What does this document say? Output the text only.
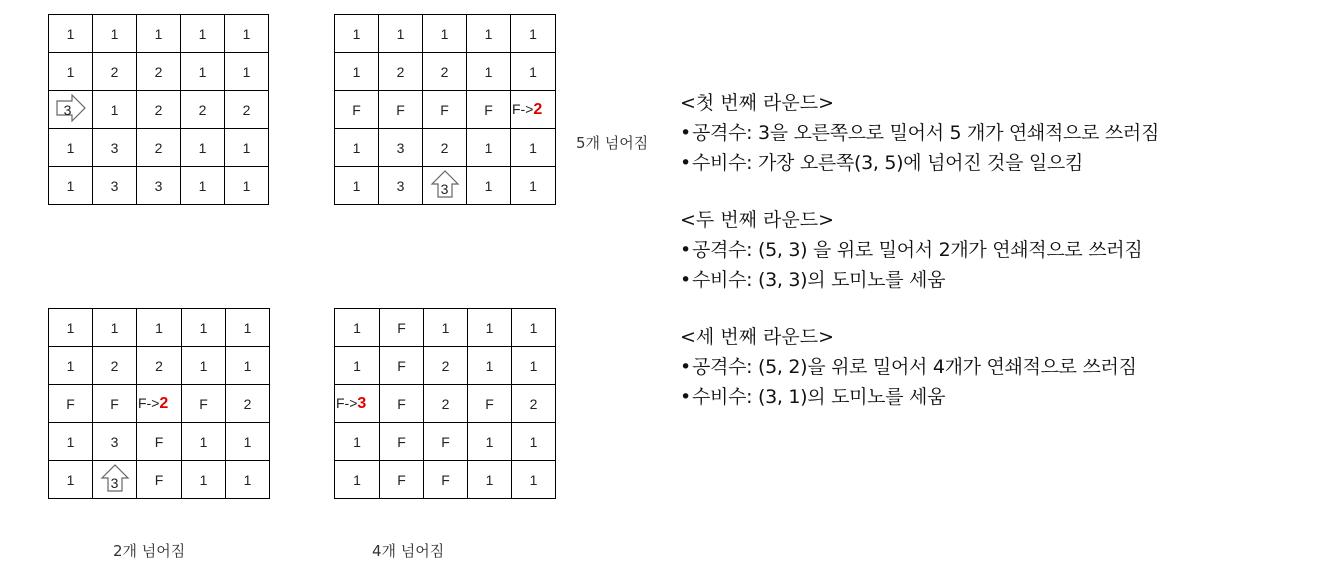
1	1	1	1	1
1	2	2	1	1

3	1	2	2	2
1	3	2	1	1
1	3	3	1	1
1	1	1	1	1
1	2	2	1	1
F	F	F	F	F->2
1	3	2	1	1
1	3	3	1	1
5개 넘어짐
1	1	1	1	1
1	2	2	1	1
F	F	F->2	F	2
1	3	F	1	1
1	3	F	1	1
2개 넘어짐
1	F	1	1	1
1	F	2	1	1
F->3	F	2	F	2
1	F	F	1	1
1	F	F	1	1
4개 넘어짐
<첫 번째 라운드>
•공격수: 3을 오른쪽으로 밀어서 5 개가 연쇄적으로 쓰러짐
•수비수: 가장 오른쪽(3, 5)에 넘어진 것을 일으킴
<두 번째 라운드>
•공격수: (5, 3) 을 위로 밀어서 2개가 연쇄적으로 쓰러짐
•수비수: (3, 3)의 도미노를 세움
<세 번째 라운드>
•공격수: (5, 2)을 위로 밀어서 4개가 연쇄적으로 쓰러짐
•수비수: (3, 1)의 도미노를 세움
